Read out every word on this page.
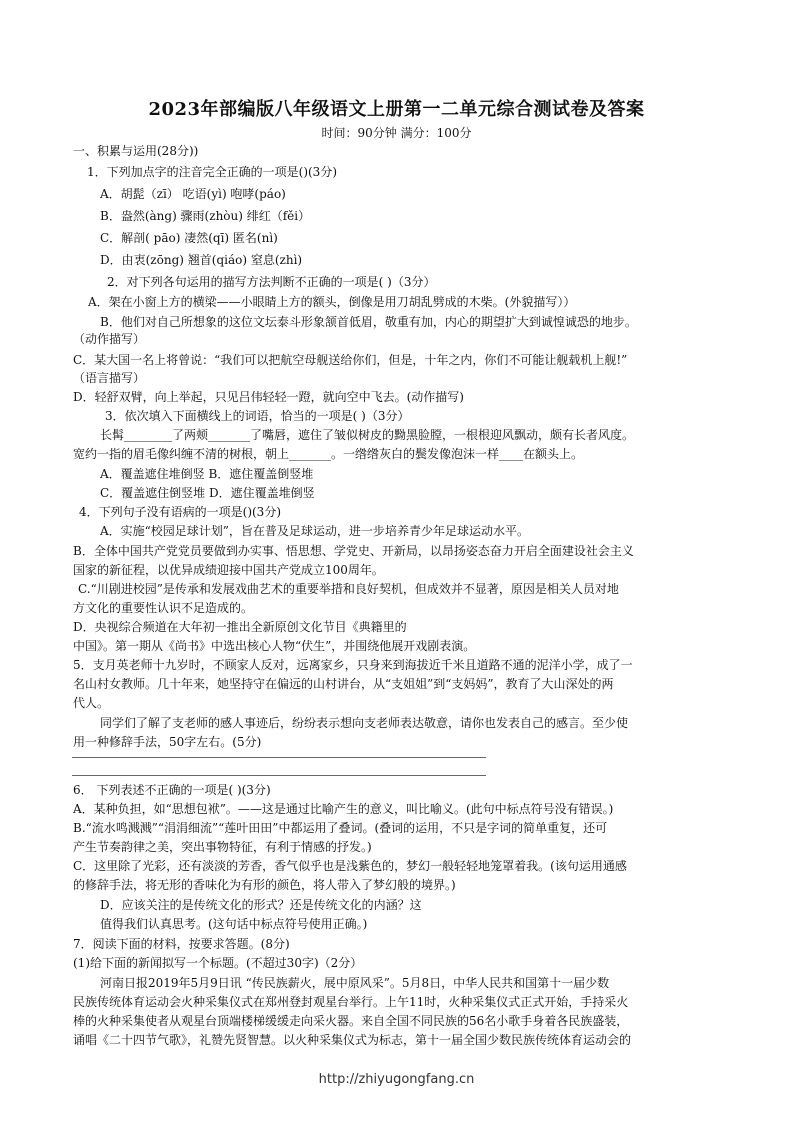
2023年部编版八年级语文上册第一二单元综合测试卷及答案
时间：90分钟 满分：100分
一、积累与运用(28分))
1．下列加点字的注音完全正确的一项是()(3分)
A．胡髭（zī） 吃语(yì) 咆哮(páo)
B．盎然(àng) 骤雨(zhòu) 绯红（fěi）
C．解剖( pāo) 凄然(qī) 匿名(nì)
D．由衷(zōng) 翘首(qiáo) 窒息(zhì)
2．对下列各句运用的描写方法判断不正确的一项是( )（3分）
A．架在小窗上方的横梁——小眼睛上方的额头，倒像是用刀胡乱劈成的木柴。(外貌描写））
B．他们对自己所想象的这位文坛泰斗形象颔首低眉，敬重有加，内心的期望扩大到诚惶诚恐的地步。
（动作描写）
C．某大国一名上将曾说：“我们可以把航空母舰送给你们，但是，十年之内，你们不可能让舰载机上舰!”
（语言描写）
D．轻舒双臂，向上举起，只见吕伟轻轻一蹬，就向空中飞去。(动作描写)
3．依次填入下面横线上的词语，恰当的一项是( )（3分）
长髯________了两颊_______了嘴唇，遮住了皱似树皮的黝黑脸膛，一根根迎风飘动，颇有长者风度。
宽约一指的眉毛像纠缠不清的树根，朝上_______。一绺绺灰白的鬓发像泡沫一样____在额头上。
A．覆盖遮住堆倒竖 B．遮住覆盖倒竖堆
C．覆盖遮住倒竖堆 D．遮住覆盖堆倒竖
4．下列句子没有语病的一项是()(3分)
A．实施“校园足球计划”，旨在普及足球运动，进一步培养青少年足球运动水平。
B．全体中国共产党党员要做到办实事、悟思想、学党史、开新局，以昂扬姿态奋力开启全面建设社会主义
国家的新征程，以优异成绩迎接中国共产党成立100周年。
C.“川剧进校园”是传承和发展戏曲艺术的重要举措和良好契机，但成效并不显著，原因是相关人员对地
方文化的重要性认识不足造成的。
D．央视综合频道在大年初一推出全新原创文化节目《典籍里的
中国》。第一期从《尚书》中选出核心人物“伏生”，并围绕他展开戏剧表演。
5．支月英老师十九岁时，不顾家人反对，远离家乡，只身来到海拔近千米且道路不通的泥洋小学，成了一
名山村女教师。几十年来，她坚持守在偏远的山村讲台，从“支姐姐”到“支妈妈”，教育了大山深处的两
代人。
同学们了解了支老师的感人事迹后，纷纷表示想向支老师表达敬意，请你也发表自己的感言。至少使
用一种修辞手法，50字左右。(5分)
6． 下列表述不正确的一项是( )(3分)
A．某种负担，如“思想包袱”。——这是通过比喻产生的意义，叫比喻义。(此句中标点符号没有错误。)
B.“流水鸣溅溅”“涓涓细流”“莲叶田田”中都运用了叠词。(叠词的运用，不只是字词的简单重复，还可
产生节奏韵律之美，突出事物特征，有利于情感的抒发。)
C．这里除了光彩，还有淡淡的芳香，香气似乎也是浅紫色的，梦幻一般轻轻地笼罩着我。(该句运用通感
的修辞手法，将无形的香味化为有形的颜色，将人带入了梦幻般的境界。)
D．应该关注的是传统文化的形式？还是传统文化的内涵？这
值得我们认真思考。(这句话中标点符号使用正确。)
7．阅读下面的材料，按要求答题。(8分)
(1)给下面的新闻拟写一个标题。(不超过30字)（2分）
河南日报2019年5月9日讯 “传民族薪火，展中原风采”。5月8日，中华人民共和国第十一届少数
民族传统体育运动会火种采集仪式在郑州登封观星台举行。上午11时，火种采集仪式正式开始，手持采火
棒的火种采集使者从观星台顶端楼梯缓缓走向采火器。来自全国不同民族的56名小歌手身着各民族盛装，
诵唱《二十四节气歌》，礼赞先贤智慧。以火种采集仪式为标志，第十一届全国少数民族传统体育运动会的
http://zhiyugongfang.cn
